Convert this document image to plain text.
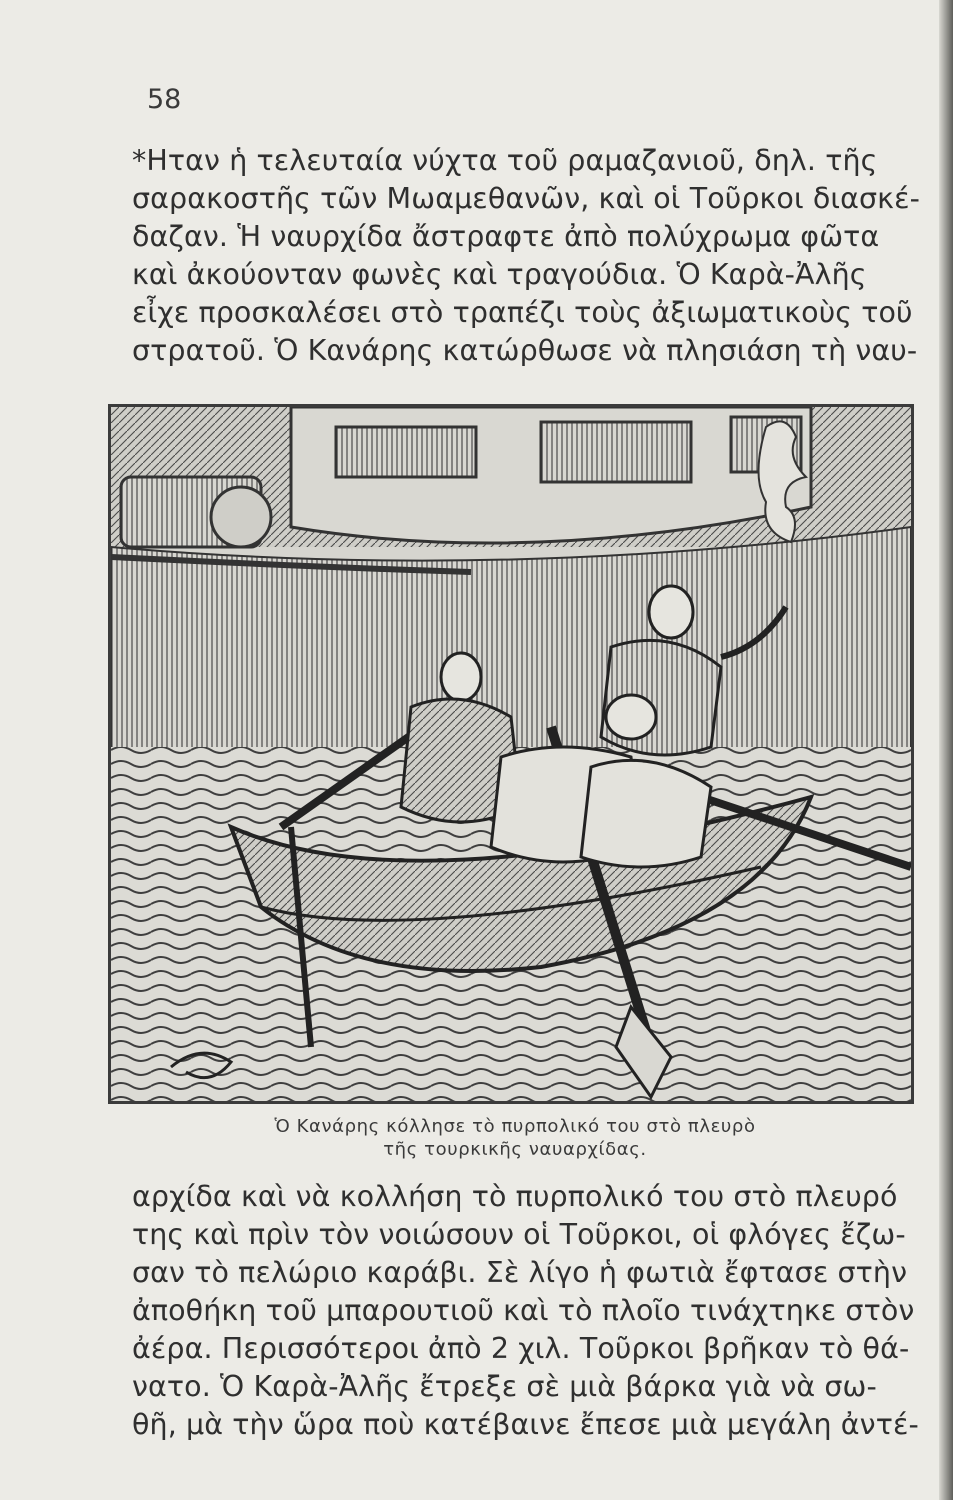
58
*Ηταν ἡ τελευταία νύχτα τοῦ ραμαζανιοῦ, δηλ. τῆς
σαρακοστῆς τῶν Μωαμεθανῶν, καὶ οἱ Τοῦρκοι διασκέ-
δαζαν. Ἡ ναυρχίδα ἄστραφτε ἀπὸ πολύχρωμα φῶτα
καὶ ἀκούονταν φωνὲς καὶ τραγούδια. Ὁ Καρὰ-Ἀλῆς
εἶχε προσκαλέσει στὸ τραπέζι τοὺς ἀξιωματικοὺς τοῦ
στρατοῦ. Ὁ Κανάρης κατώρθωσε νὰ πλησιάση τὴ ναυ-

Ὁ Κανάρης κόλλησε τὸ πυρπολικό του στὸ πλευρὸ

τῆς τουρκικῆς ναυαρχίδας.

αρχίδα καὶ νὰ κολλήση τὸ πυρπολικό του στὸ πλευρό
της καὶ πρὶν τὸν νοιώσουν οἱ Τοῦρκοι, οἱ φλόγες ἔζω-
σαν τὸ πελώριο καράβι. Σὲ λίγο ἡ φωτιὰ ἔφτασε στὴν
ἀποθήκη τοῦ μπαρουτιοῦ καὶ τὸ πλοῖο τινάχτηκε στὸν
ἀέρα. Περισσότεροι ἀπὸ 2 χιλ. Τοῦρκοι βρῆκαν τὸ θά-
νατο. Ὁ Καρὰ-Ἀλῆς ἔτρεξε σὲ μιὰ βάρκα γιὰ νὰ σω-
θῆ, μὰ τὴν ὥρα ποὺ κατέβαινε ἔπεσε μιὰ μεγάλη ἀντέ-
